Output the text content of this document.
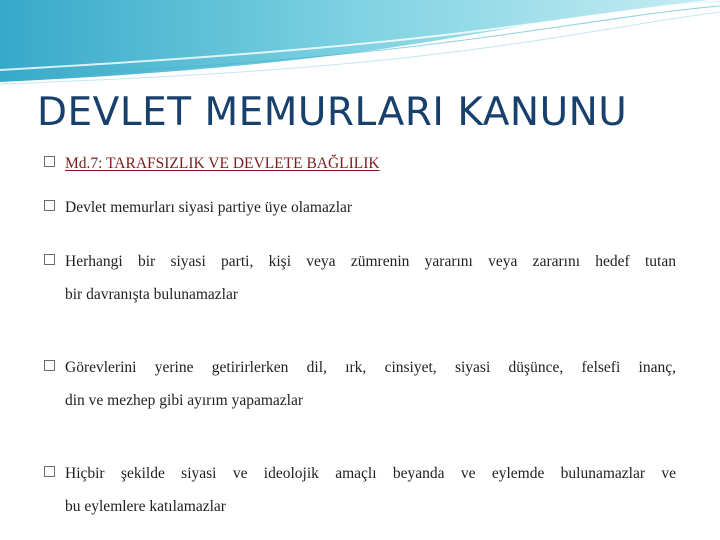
DEVLET MEMURLARI KANUNU
Md.7: TARAFSIZLIK VE DEVLETE BAĞLILIK
Devlet memurları siyasi partiye üye olamazlar
Herhangi bir siyasi parti, kişi veya zümrenin yararını veya zararını hedef tutan
bir davranışta bulunamazlar
Görevlerini yerine getirirlerken dil, ırk, cinsiyet, siyasi düşünce, felsefi inanç,
din ve mezhep gibi ayırım yapamazlar
Hiçbir şekilde siyasi ve ideolojik amaçlı beyanda ve eylemde bulunamazlar ve
bu eylemlere katılamazlar
